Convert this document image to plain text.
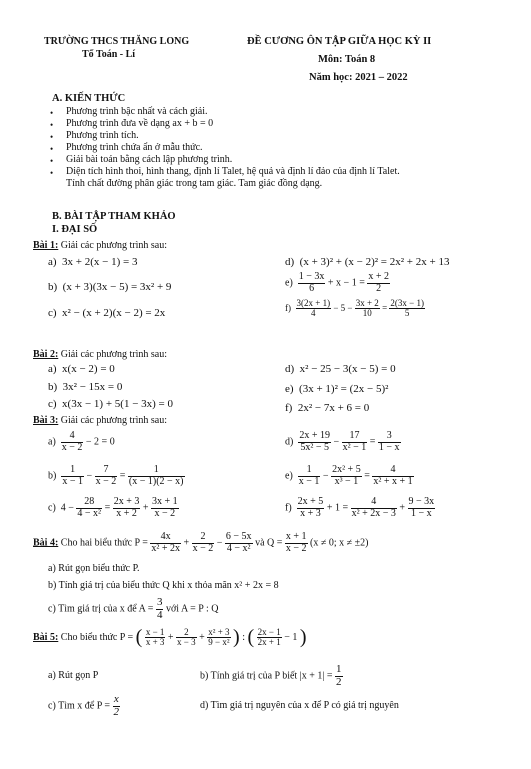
TRƯỜNG THCS THĂNG LONG
Tổ Toán - Lí
ĐỀ CƯƠNG ÔN TẬP GIỮA HỌC KỲ II
Môn: Toán 8
Năm học: 2021 – 2022
A. KIẾN THỨC
• Phương trình bậc nhất và cách giải.
• Phương trình đưa về dạng ax + b = 0
• Phương trình tích.
• Phương trình chứa ẩn ở mẫu thức.
• Giải bài toán bằng cách lập phương trình.
• Diện tích hình thoi, hình thang, định lí Talet, hệ quả và định lí đảo của định lí Talet.
Tính chất đường phân giác trong tam giác. Tam giác đồng dạng.
B. BÀI TẬP THAM KHẢO
I. ĐẠI SỐ
Bài 1: Giải các phương trình sau:
a)  3x + 2(x − 1) = 3
b)  (x + 3)(3x − 5) = 3x² + 9
c)  x² − (x + 2)(x − 2) = 2x
d)  (x + 3)² + (x − 2)² = 2x² + 2x + 13
$e) \frac{1 - 3x}{6} + x - 1 = \frac{x + 2}{2}$
$f) \frac{3(2x + 1)}{4} - 5 - \frac{3x + 2}{10} = \frac{2(3x - 1)}{5}$
Bài 2: Giải các phương trình sau:
a)  x(x − 2) = 0
b)  3x² − 15x = 0
c)  x(3x − 1) + 5(1 − 3x) = 0
d)  x² − 25 − 3(x − 5) = 0
e)  (3x + 1)² = (2x − 5)²
f)  2x² − 7x + 6 = 0
Bài 3: Giải các phương trình sau:
$a) \frac{4}{x - 2} - 2 = 0$
$b) \frac{1}{x - 1} - \frac{7}{x - 2} = \frac{1}{(x - 1)(2 - x)}$
c)  $4 - \frac{28}{\text{4 − x²}} = \frac{2x + 3}{x + 2} + \frac{3x + 1}{x - 2}$
$d) \frac{2x + 19}{\text{5x² − 5}} - \frac{17}{\text{x² − 1}} = \frac{3}{1 - x}$
$e) \frac{1}{x - 1} - \frac{\text{2x² + 5}}{\text{x³ − 1}} = \frac{4}{\text{x² + x + 1}}$
$f) \frac{2x + 5}{x + 3} + 1 = \frac{4}{\text{x² + 2x − 3}} + \frac{9 - 3x}{1 - x}$
Bài 4: Cho hai biểu thức $P = \frac{4x}{\text{x² + 2x}} + \frac{2}{x - 2} - \frac{6 - 5x}{\text{4 − x²}}$ và $Q = \frac{x + 1}{x - 2} (x \ne 0$; x ≠ ±2)
a) Rút gọn biểu thức P.
b) Tính giá trị của biểu thức Q khi x thỏa mãn x² + 2x = 8
c) Tìm giá trị của x để $A = \frac{3}{4}$ với A = P : Q
Bài 5: Cho biểu thức P = ( $\frac{x - 1}{x + 3} + \frac{2}{x - 3} + \frac{\text{x² + 3}}{\text{9 − x²}}$ ) : ( $\frac{2x - 1}{2x + 1} - 1$ )
a) Rút gọn P	b) Tính giá trị của P biết $|x + 1| = \frac{1}{2}$
c) Tìm x để $P = \frac{x}{2}$	d) Tìm giá trị nguyên của x để P có giá trị nguyên
